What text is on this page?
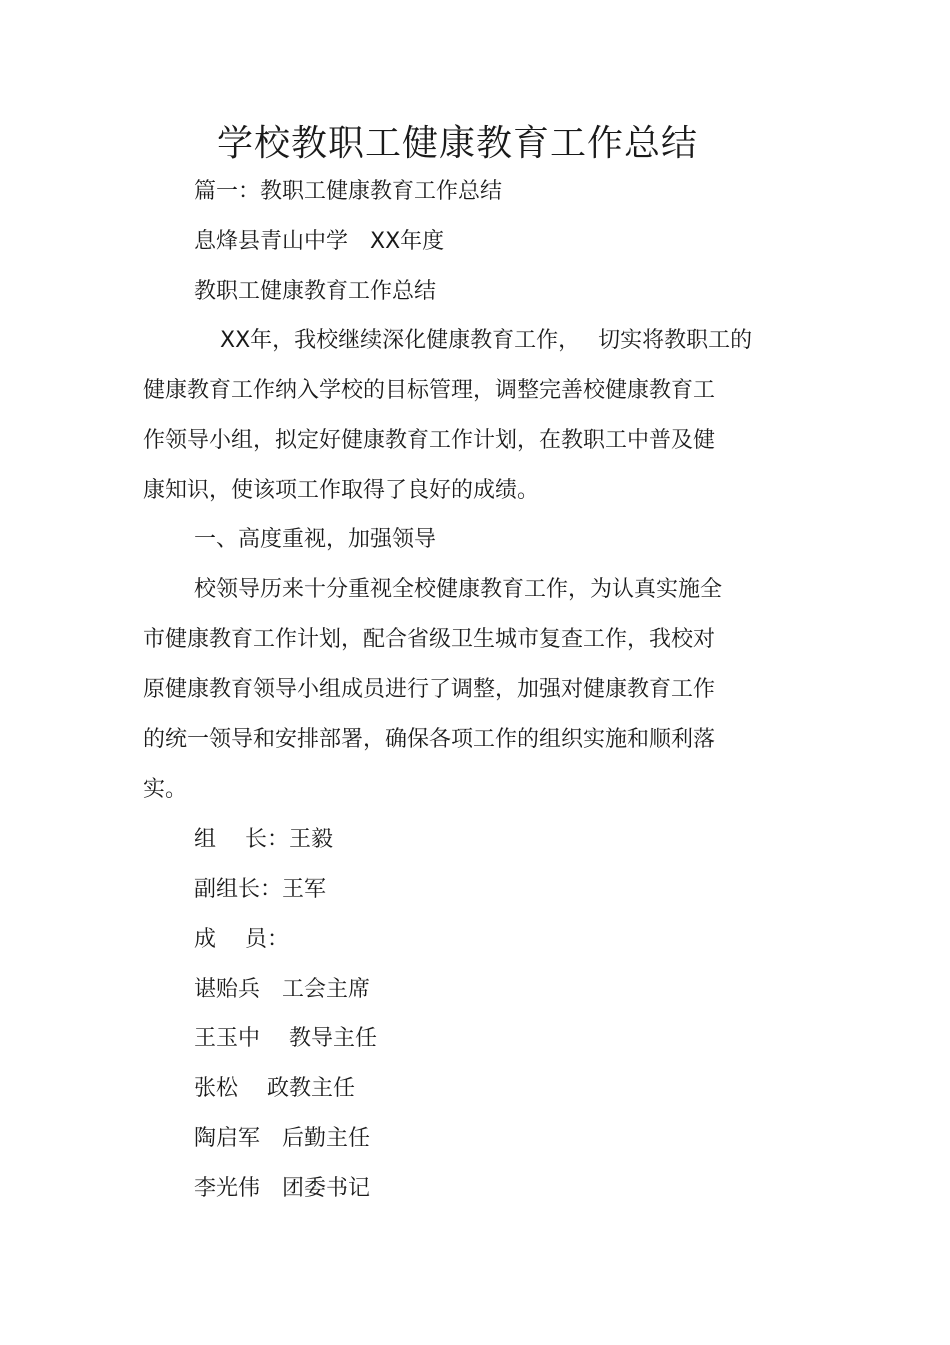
学校教职工健康教育工作总结
篇一：教职工健康教育工作总结
息烽县青山中学　XX年度
教职工健康教育工作总结
XX年，我校继续深化健康教育工作，　 切实将教职工的
健康教育工作纳入学校的目标管理，调整完善校健康教育工
作领导小组，拟定好健康教育工作计划，在教职工中普及健
康知识，使该项工作取得了良好的成绩。
一、高度重视，加强领导
校领导历来十分重视全校健康教育工作，为认真实施全
市健康教育工作计划，配合省级卫生城市复查工作，我校对
原健康教育领导小组成员进行了调整，加强对健康教育工作
的统一领导和安排部署，确保各项工作的组织实施和顺利落
实。
组　 长：王毅
副组长：王军
成　 员：
谌贻兵　工会主席
王玉中　 教导主任
张松　 政教主任
陶启军　后勤主任
李光伟　团委书记
